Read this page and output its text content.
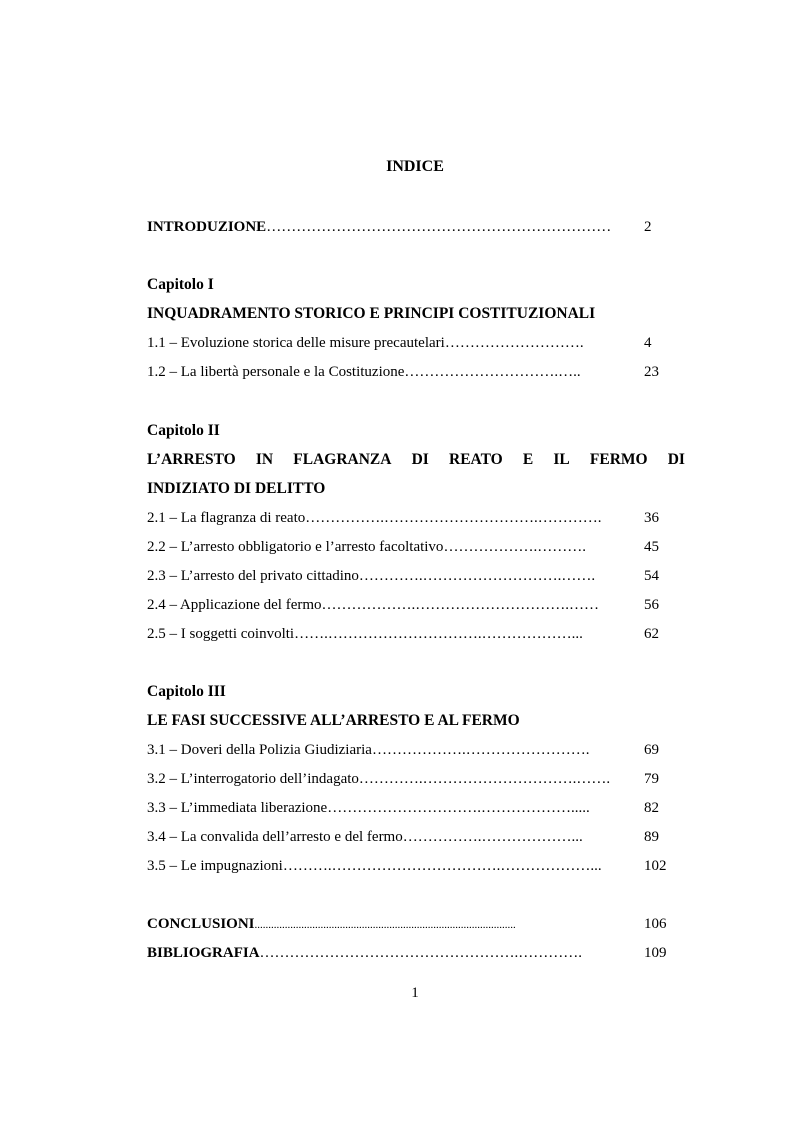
INDICE
INTRODUZIONE…………………………………………………………… 2
Capitolo I
INQUADRAMENTO STORICO E PRINCIPI COSTITUZIONALI
1.1 – Evoluzione storica delle misure precautelari……………………….	4
1.2 – La libertà personale e la Costituzione………………………….…..	23
Capitolo II
L’ARRESTO IN FLAGRANZA DI REATO E IL FERMO DI
INDIZIATO DI DELITTO
2.1 – La flagranza di reato…………….………………………….………….	36
2.2 – L’arresto obbligatorio e l’arresto facoltativo……………….……….	45
2.3 – L’arresto del privato cittadino………….……………………….…….	54
2.4 – Applicazione del fermo……………….………………………….……	56
2.5 – I soggetti coinvolti…….………………………….………………...	62
Capitolo III
LE FASI SUCCESSIVE ALL’ARRESTO E AL FERMO
3.1 – Doveri della Polizia Giudiziaria……………….…………………….	69
3.2 – L’interrogatorio dell’indagato………….………………………….……. 79
3.3 – L’immediata liberazione………………………….……………….....	82
3.4 – La convalida dell’arresto e del fermo…………….………………...	89
3.5 – Le impugnazioni……….…………………………….………………...	102
CONCLUSIONI...............................................................................................	106
BIBLIOGRAFIA…………………………………………….………….	109
1
